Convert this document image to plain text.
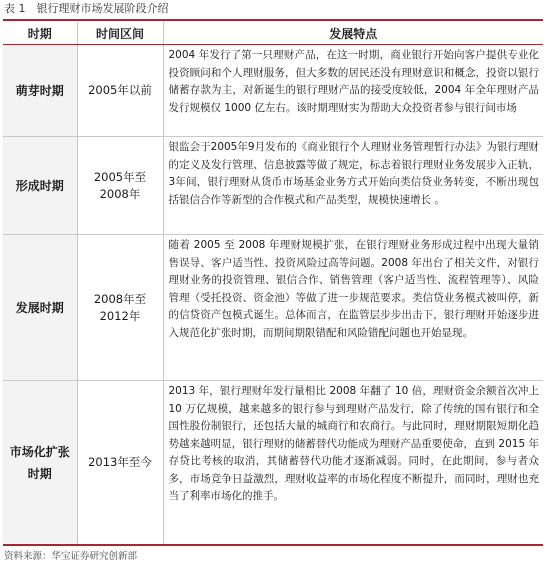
表 1　银行理财市场发展阶段介绍
时期	时间区间	发展特点
萌芽时期	2005年以前	2004 年发行了第一只理财产品，在这一时期，商业银行开始向客户提供专业化投资顾问和个人理财服务，但大多数的居民还没有理财意识和概念，投资以银行储蓄存款为主，对新诞生的银行理财产品的接受度较低，2004 年全年理财产品发行规模仅 1000 亿左右。该时期理财实为帮助大众投资者参与银行间市场
形成时期	2005年至2008年	银监会于2005年9月发布的《商业银行个人理财业务管理暂行办法》为银行理财的定义及发行管理、信息披露等做了规定，标志着银行理财业务发展步入正轨，3年间，银行理财从货币市场基金业务方式开始向类信贷业务转变，不断出现包括银信合作等新型的合作模式和产品类型，规模快速增长 。
发展时期	2008年至2012年	随着 2005 至 2008 年理财规模扩张，在银行理财业务形成过程中出现大量销售误导、客户适当性、投资风险过高等问题。2008 年出台了相关文件，对银行理财业务的投资管理、银信合作、销售管理（客户适当性、流程管理等）、风险管理（受托投资、资金池）等做了进一步规范要求。类信贷业务模式被叫停，新的信贷资产包模式诞生。总体而言，在监管层步步出击下，银行理财开始逐步进入规范化扩张时期，而期间期限错配和风险错配问题也开始显现。
市场化扩张时期	2013年至今	2013 年，银行理财年发行量相比 2008 年翻了 10 倍，理财资金余额首次冲上 10 万亿规模，越来越多的银行参与到理财产品发行，除了传统的国有银行和全国性股份制银行，还包括大量的城商行和农商行。与此同时，理财期限短期化趋势越来越明显，银行理财的储蓄替代功能成为理财产品重要使命，直到 2015 年存贷比考核的取消，其储蓄替代功能才逐渐减弱。同时，在此期间，参与者众多，市场竞争日益激烈，理财收益率的市场化程度不断提升，而同时，理财也充当了利率市场化的推手。
资料来源：华宝证券研究创新部
